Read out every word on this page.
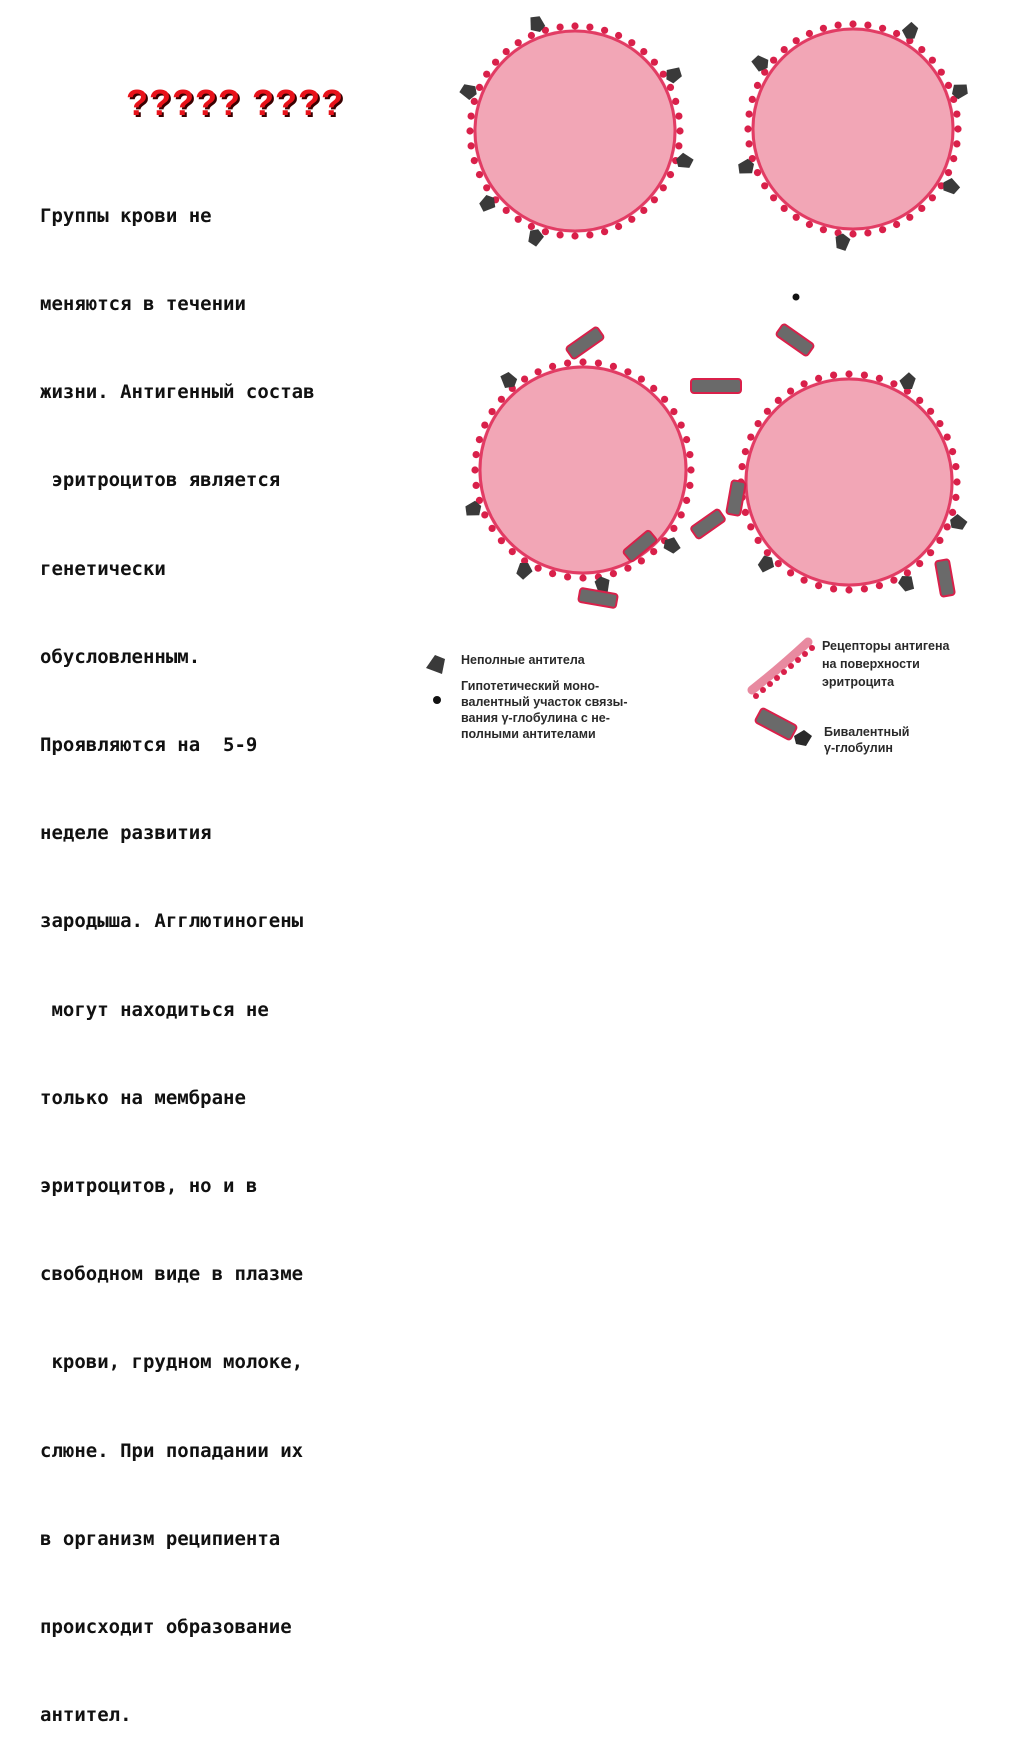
????? ????

Группы крови не

меняются в течении

жизни. Антигенный состав

эритроцитов является

генетически

обусловленным.

Проявляются на  5-9

неделе развития

зародыша. Агглютиногены

могут находиться не

только на мембране

эритроцитов, но и в

свободном виде в плазме

крови, грудном молоке,

слюне. При попадании их

в организм реципиента

происходит образование

антител.

Неполные антитела
Гипотетический моно-
валентный участок связы-
вания γ-глобулина с не-
полными антителами
Рецепторы антигена
на поверхности
эритроцита
Бивалентный
γ-глобулин
